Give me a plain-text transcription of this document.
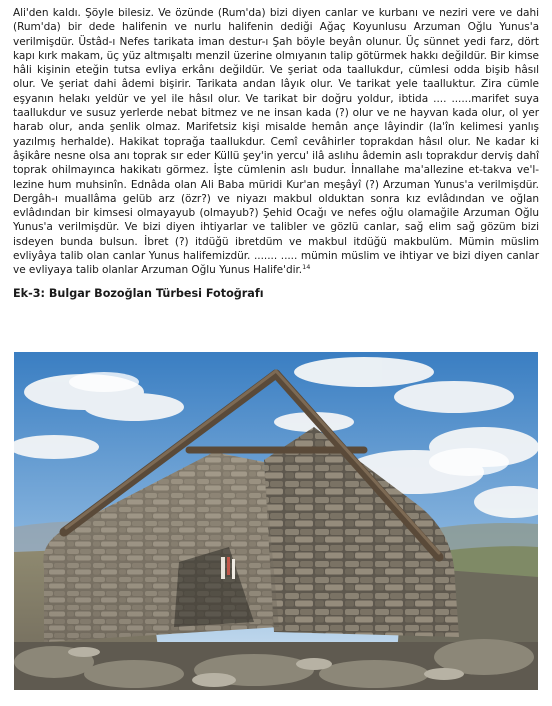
Ali'den kaldı. Şöyle bilesiz. Ve özünde (Rum'da) bizi diyen canlar ve kurbanı ve neziri vere ve dahi (Rum'da) bir dede halifenin ve nurlu halifenin dediği Ağaç Koyunlusu Arzuman Oğlu Yunus'a verilmişdür. Üstâd-ı Nefes tarikata iman destur-ı Şah böyle beyân olunur. Üç sünnet yedi farz, dört kapı kırk makam, üç yüz altmışaltı menzil üzerine olmıyanın talip götürmek hakkı değildür. Bir kimse hâli kişinin eteğin tutsa evliya erkânı değildür. Ve şeriat oda taallukdur, cümlesi odda bişib hâsıl olur. Ve şeriat dahi âdemi bişirir. Tarikata andan lâyık olur. Ve tarikat yele taalluktur. Zira cümle eşyanın helakı yeldür ve yel ile hâsıl olur. Ve tarikat bir doğru yoldur, ibtida .... ......marifet suya taallukdur ve susuz yerlerde nebat bitmez ve ne insan kada (?) olur ve ne hayvan kada olur, ol yer harab olur, anda şenlik olmaz. Marifetsiz kişi misalde hemân ançe lâyindir (la'în kelimesi yanlış yazılmış herhalde). Hakikat toprağa taallukdur. Cemî cevâhirler toprakdan hâsıl olur. Ne kadar ki âşikâre nesne olsa anı toprak sır eder Küllü şey'in yercu' ilâ aslıhu âdemin aslı toprakdur derviş dahî toprak ohilmayınca hakikatı görmez. İşte cümlenin aslı budur. İnnallahe ma'allezine et-takva ve'l-lezine hum muhsinîn. Ednâda olan Ali Baba müridi Kur'an meşâyî (?) Arzuman Yunus'a verilmişdür. Dergâh-ı muallâma gelüb arz (özr?) ve niyazı makbul olduktan sonra kız evlâdından ve oğlan evlâdından bir kimsesi olmayayub (olmayub?) Şehid Ocağı ve nefes oğlu olamağile Arzuman Oğlu Yunus'a verilmişdür. Ve bizi diyen ihtiyarlar ve talibler ve gözlü canlar, sağ elim sağ gözüm bizi isdeyen bunda bulsun. İbret (?) itdüğü ibretdüm ve makbul itdüğü makbulüm. Mümin müslim evliyâya talib olan canlar Yunus halifemizdür. ....... ..... mümin müslim ve ihtiyar ve bizi diyen canlar ve evliyaya talib olanlar Arzuman Oğlu Yunus Halife'dir.$^{14}$

Ek-3: Bulgar Bozoğlan Türbesi Fotoğrafı
